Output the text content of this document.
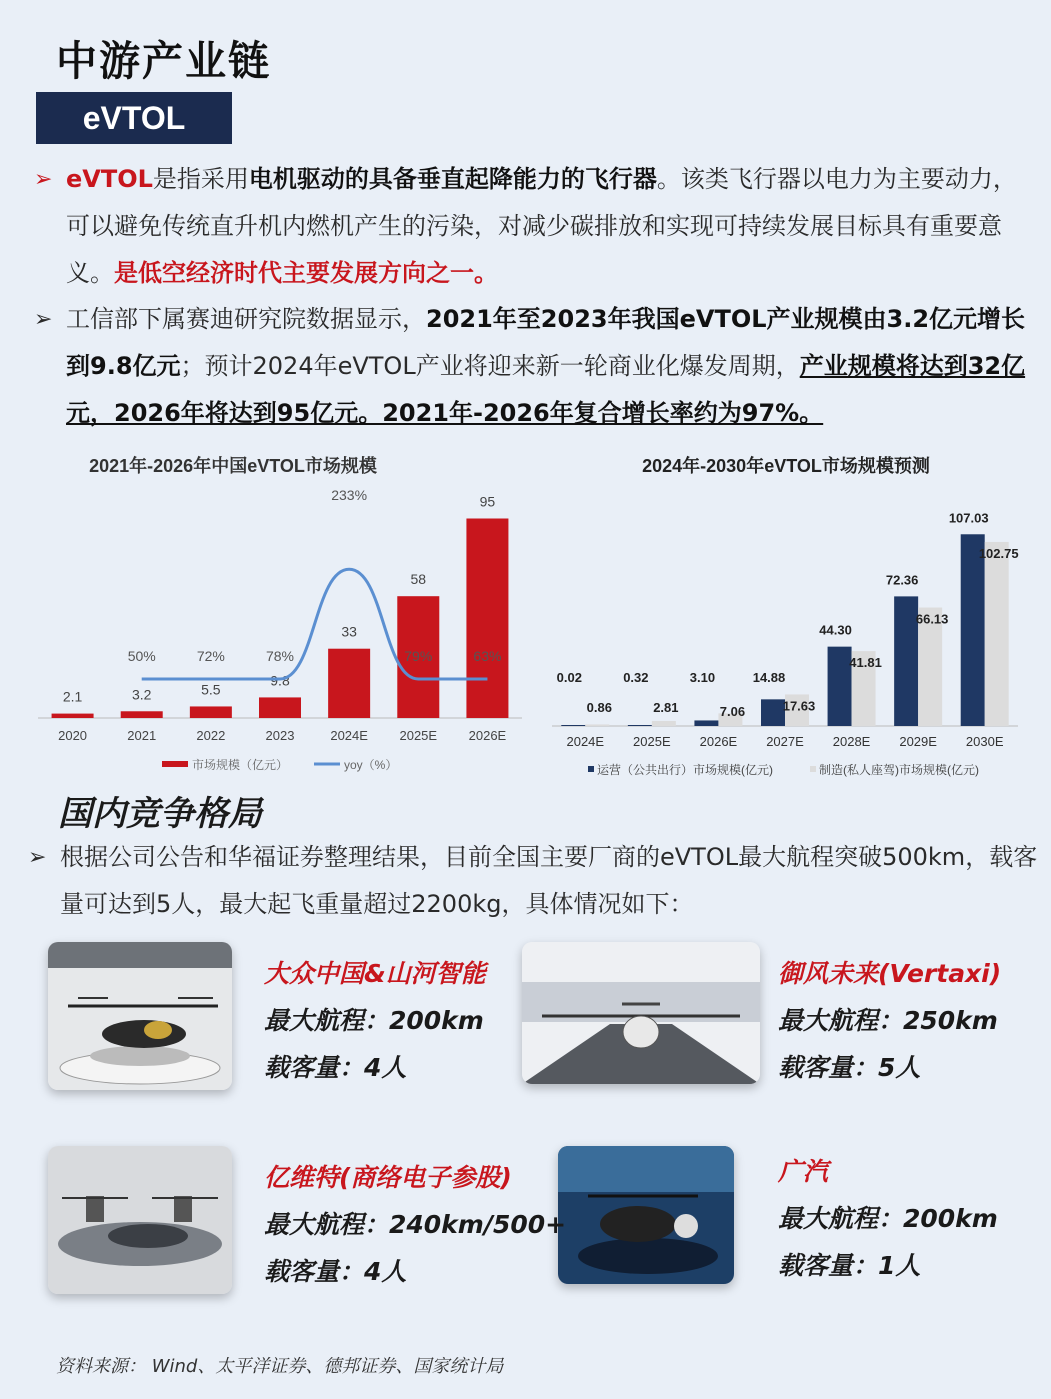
中游产业链
eVTOL
➢ eVTOL是指采用电机驱动的具备垂直起降能力的飞行器。该类飞行器以电力为主要动力，可以避免传统直升机内燃机产生的污染，对减少碳排放和实现可持续发展目标具有重要意义。是低空经济时代主要发展方向之一。
➢ 工信部下属赛迪研究院数据显示，2021年至2023年我国eVTOL产业规模由3.2亿元增长到9.8亿元；预计2024年eVTOL产业将迎来新一轮商业化爆发周期，产业规模将达到32亿元，2026年将达到95亿元。2021年-2026年复合增长率约为97%。
2021年-2026年中国eVTOL市场规模
2.1
2020
3.2
2021
5.5
2022
9.8
2023
33
2024E
58
2025E
95
2026E
50%	72%	78%
233%
79%	63%
市场规模（亿元）	yoy（%）
2024年-2030年eVTOL市场规模预测
0.02
0.86
2024E
0.32
2.81
2025E
3.10
7.06
2026E
14.88
17.63
2027E
44.30
41.81
2028E
72.36
66.13
2029E
107.03
102.75
2030E
运营（公共出行）市场规模(亿元)	制造(私人座驾)市场规模(亿元)
国内竞争格局
➢ 根据公司公告和华福证券整理结果，目前全国主要厂商的eVTOL最大航程突破500km，载客量可达到5人，最大起飞重量超过2200kg，具体情况如下：
大众中国&山河智能
最大航程：200km
载客量：4人
御风未来(Vertaxi)
最大航程：250km
载客量：5人
亿维特(商络电子参股)
最大航程：240km/500+
载客量：4人
广汽
最大航程：200km
载客量：1人
资料来源： Wind、太平洋证券、德邦证券、国家统计局
